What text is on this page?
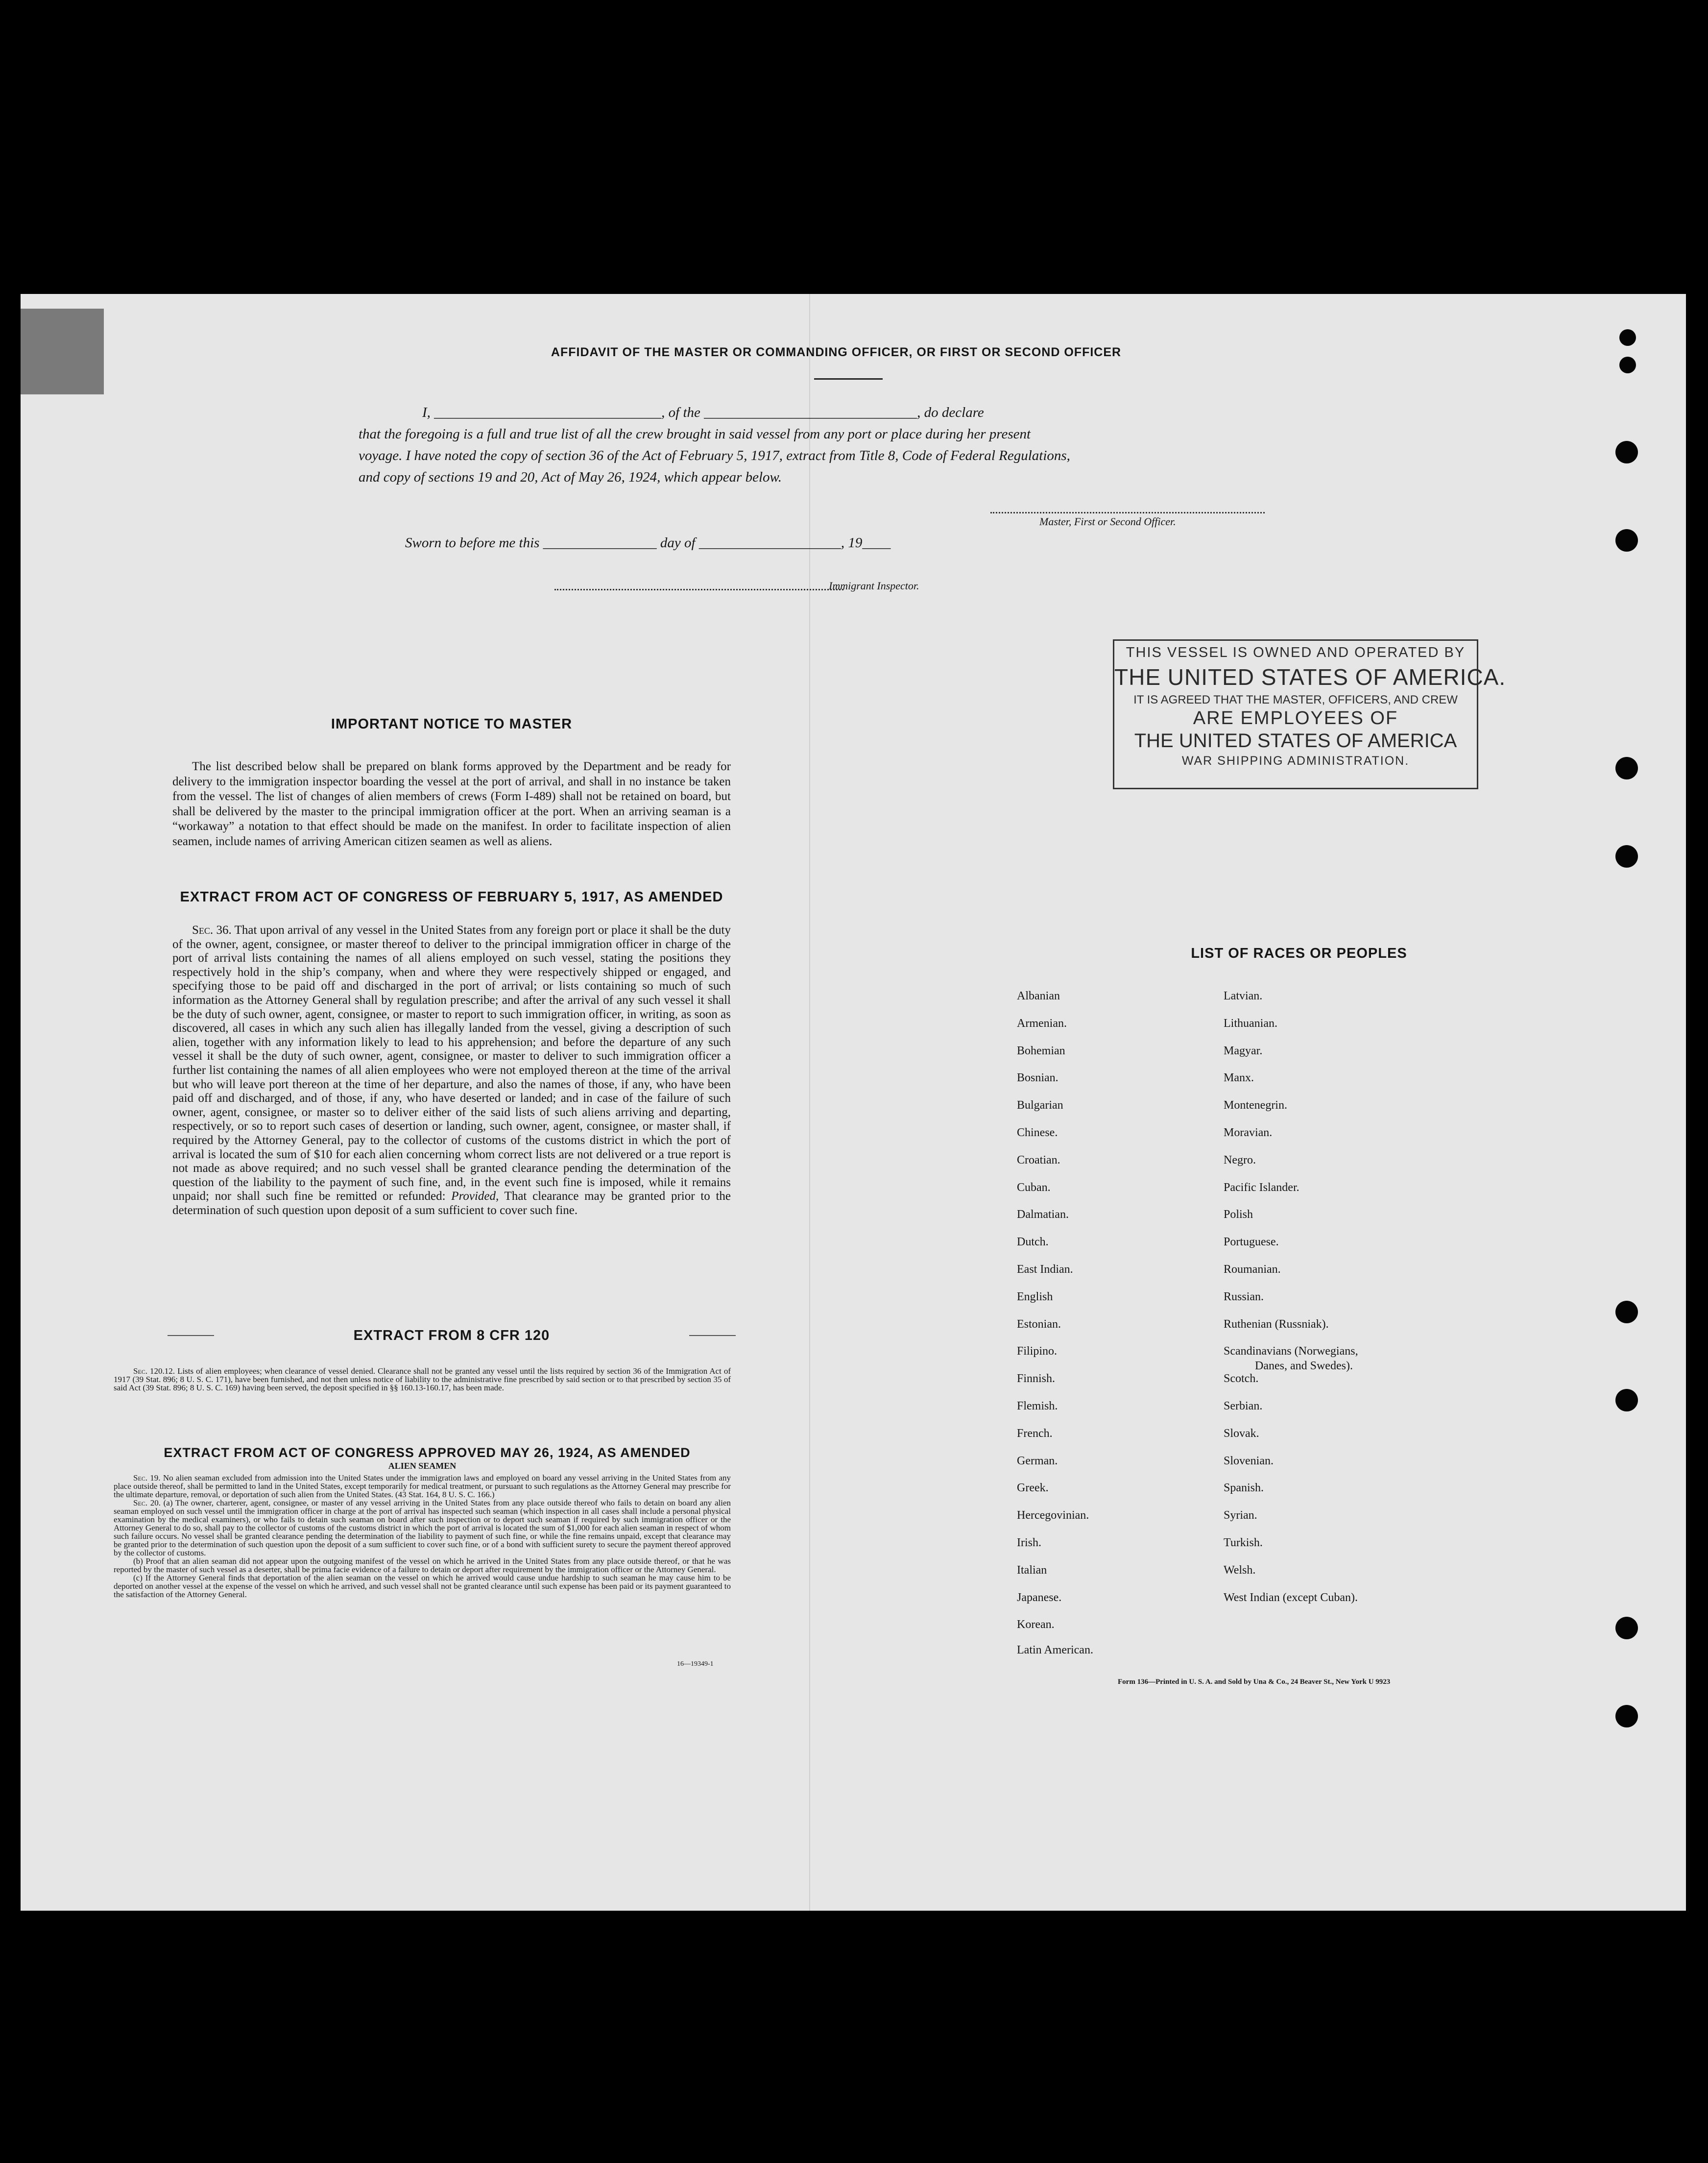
AFFIDAVIT OF THE MASTER OR COMMANDING OFFICER, OR FIRST OR SECOND OFFICER

I, ________________________________, of the ______________________________, do declare

that the foregoing is a full and true list of all the crew brought in said vessel from any port or place during her present

voyage. I have noted the copy of section 36 of the Act of February 5, 1917, extract from Title 8, Code of Federal Regulations,

and copy of sections 19 and 20, Act of May 26, 1924, which appear below.

Master, First or Second Officer.
Sworn to before me this ________________ day of ____________________, 19____
Immigrant Inspector.
THIS VESSEL IS OWNED AND OPERATED BY
THE UNITED STATES OF AMERICA.
IT IS AGREED THAT THE MASTER, OFFICERS, AND CREW
ARE EMPLOYEES OF
THE UNITED STATES OF AMERICA
WAR SHIPPING ADMINISTRATION.
IMPORTANT NOTICE TO MASTER

The list described below shall be prepared on blank forms approved by the Department and be ready for delivery to the immigration inspector boarding the vessel at the port of arrival, and shall in no instance be taken from the vessel. The list of changes of alien members of crews (Form I-489) shall not be retained on board, but shall be delivered by the master to the principal immigration officer at the port. When an arriving seaman is a “workaway” a notation to that effect should be made on the manifest. In order to facilitate inspection of alien seamen, include names of arriving American citizen seamen as well as aliens.

EXTRACT FROM ACT OF CONGRESS OF FEBRUARY 5, 1917, AS AMENDED

Sec. 36. That upon arrival of any vessel in the United States from any foreign port or place it shall be the duty of the owner, agent, consignee, or master thereof to deliver to the principal immigration officer in charge of the port of arrival lists containing the names of all aliens employed on such vessel, stating the positions they respectively hold in the ship’s company, when and where they were respectively shipped or engaged, and specifying those to be paid off and discharged in the port of arrival; or lists containing so much of such information as the Attorney General shall by regulation prescribe; and after the arrival of any such vessel it shall be the duty of such owner, agent, consignee, or master to report to such immigration officer, in writing, as soon as discovered, all cases in which any such alien has illegally landed from the vessel, giving a description of such alien, together with any information likely to lead to his apprehension; and before the departure of any such vessel it shall be the duty of such owner, agent, consignee, or master to deliver to such immigration officer a further list containing the names of all alien employees who were not employed thereon at the time of the arrival but who will leave port thereon at the time of her departure, and also the names of those, if any, who have been paid off and discharged, and of those, if any, who have deserted or landed; and in case of the failure of such owner, agent, consignee, or master so to deliver either of the said lists of such aliens arriving and departing, respectively, or so to report such cases of desertion or landing, such owner, agent, consignee, or master shall, if required by the Attorney General, pay to the collector of customs of the customs district in which the port of arrival is located the sum of $10 for each alien concerning whom correct lists are not delivered or a true report is not made as above required; and no such vessel shall be granted clearance pending the determination of the question of the liability to the payment of such fine, and, in the event such fine is imposed, while it remains unpaid; nor shall such fine be remitted or refunded: Provided, That clearance may be granted prior to the determination of such question upon deposit of a sum sufficient to cover such fine.

EXTRACT FROM 8 CFR 120

Sec. 120.12. Lists of alien employees; when clearance of vessel denied. Clearance shall not be granted any vessel until the lists required by section 36 of the Immigration Act of 1917 (39 Stat. 896; 8 U. S. C. 171), have been furnished, and not then unless notice of liability to the administrative fine prescribed by said section or to that prescribed by section 35 of said Act (39 Stat. 896; 8 U. S. C. 169) having been served, the deposit specified in §§ 160.13-160.17, has been made.

EXTRACT FROM ACT OF CONGRESS APPROVED MAY 26, 1924, AS AMENDED
ALIEN SEAMEN

Sec. 19. No alien seaman excluded from admission into the United States under the immigration laws and employed on board any vessel arriving in the United States from any place outside thereof, shall be permitted to land in the United States, except temporarily for medical treatment, or pursuant to such regulations as the Attorney General may prescribe for the ultimate departure, removal, or deportation of such alien from the United States. (43 Stat. 164, 8 U. S. C. 166.)

Sec. 20. (a) The owner, charterer, agent, consignee, or master of any vessel arriving in the United States from any place outside thereof who fails to detain on board any alien seaman employed on such vessel until the immigration officer in charge at the port of arrival has inspected such seaman (which inspection in all cases shall include a personal physical examination by the medical examiners), or who fails to detain such seaman on board after such inspection or to deport such seaman if required by such immigration officer or the Attorney General to do so, shall pay to the collector of customs of the customs district in which the port of arrival is located the sum of $1,000 for each alien seaman in respect of whom such failure occurs. No vessel shall be granted clearance pending the determination of the liability to payment of such fine, or while the fine remains unpaid, except that clearance may be granted prior to the determination of such question upon the deposit of a sum sufficient to cover such fine, or of a bond with sufficient surety to secure the payment thereof approved by the collector of customs.

(b) Proof that an alien seaman did not appear upon the outgoing manifest of the vessel on which he arrived in the United States from any place outside thereof, or that he was reported by the master of such vessel as a deserter, shall be prima facie evidence of a failure to detain or deport after requirement by the immigration officer or the Attorney General.

(c) If the Attorney General finds that deportation of the alien seaman on the vessel on which he arrived would cause undue hardship to such seaman he may cause him to be deported on another vessel at the expense of the vessel on which he arrived, and such vessel shall not be granted clearance until such expense has been paid or its payment guaranteed to the satisfaction of the Attorney General.

16—19349-1
LIST OF RACES OR PEOPLES
Albanian
Armenian.
Bohemian
Bosnian.
Bulgarian
Chinese.
Croatian.
Cuban.
Dalmatian.
Dutch.
East Indian.
English
Estonian.
Filipino.
Finnish.
Flemish.
French.
German.
Greek.
Hercegovinian.
Irish.
Italian
Japanese.
Korean.
Latin American.
Latvian.
Lithuanian.
Magyar.
Manx.
Montenegrin.
Moravian.
Negro.
Pacific Islander.
Polish
Portuguese.
Roumanian.
Russian.
Ruthenian (Russniak).
Scandinavians (Norwegians,
Danes, and Swedes).
Scotch.
Serbian.
Slovak.
Slovenian.
Spanish.
Syrian.
Turkish.
Welsh.
West Indian (except Cuban).
Form 136—Printed in U. S. A. and Sold by Una & Co., 24 Beaver St., New York U 9923
